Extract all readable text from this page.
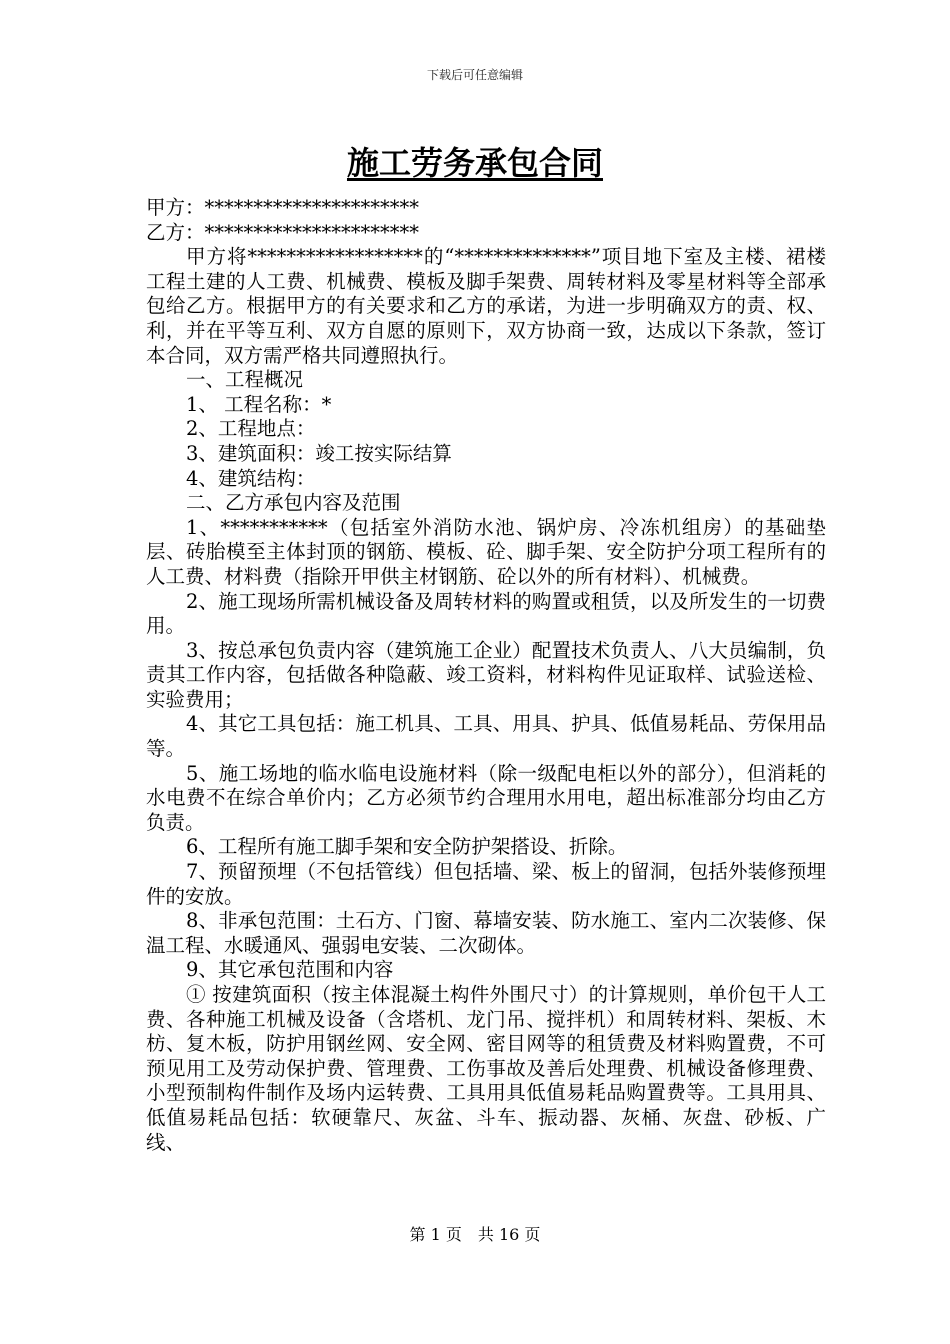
下载后可任意编辑
施工劳务承包合同

甲方：**********************

乙方：**********************

甲方将******************的“**************”项目地下室及主楼、裙楼工程土建的人工费、机械费、模板及脚手架费、周转材料及零星材料等全部承包给乙方。根据甲方的有关要求和乙方的承诺，为进一步明确双方的责、权、利，并在平等互利、双方自愿的原则下，双方协商一致，达成以下条款，签订本合同，双方需严格共同遵照执行。

一、工程概况

1、 工程名称：*

2、工程地点：

3、建筑面积：竣工按实际结算

4、建筑结构：

二、乙方承包内容及范围

1、***********（包括室外消防水池、锅炉房、冷冻机组房）的基础垫层、砖胎模至主体封顶的钢筋、模板、砼、脚手架、安全防护分项工程所有的人工费、材料费（指除开甲供主材钢筋、砼以外的所有材料）、机械费。

2、施工现场所需机械设备及周转材料的购置或租赁，以及所发生的一切费用。

3、按总承包负责内容（建筑施工企业）配置技术负责人、八大员编制，负责其工作内容，包括做各种隐蔽、竣工资料，材料构件见证取样、试验送检、实验费用；

4、其它工具包括：施工机具、工具、用具、护具、低值易耗品、劳保用品等。

5、施工场地的临水临电设施材料（除一级配电柜以外的部分），但消耗的水电费不在综合单价内；乙方必须节约合理用水用电，超出标准部分均由乙方负责。

6、工程所有施工脚手架和安全防护架搭设、折除。

7、预留预埋（不包括管线）但包括墙、梁、板上的留洞，包括外装修预埋件的安放。

8、非承包范围：土石方、门窗、幕墙安装、防水施工、室内二次装修、保温工程、水暖通风、强弱电安装、二次砌体。

9、其它承包范围和内容

① 按建筑面积（按主体混凝土构件外围尺寸）的计算规则，单价包干人工费、各种施工机械及设备（含塔机、龙门吊、搅拌机）和周转材料、架板、木枋、复木板，防护用钢丝网、安全网、密目网等的租赁费及材料购置费，不可预见用工及劳动保护费、管理费、工伤事故及善后处理费、机械设备修理费、小型预制构件制作及场内运转费、工具用具低值易耗品购置费等。工具用具、低值易耗品包括：软硬靠尺、灰盆、斗车、振动器、灰桶、灰盘、砂板、广线、

第 1 页　共 16 页
